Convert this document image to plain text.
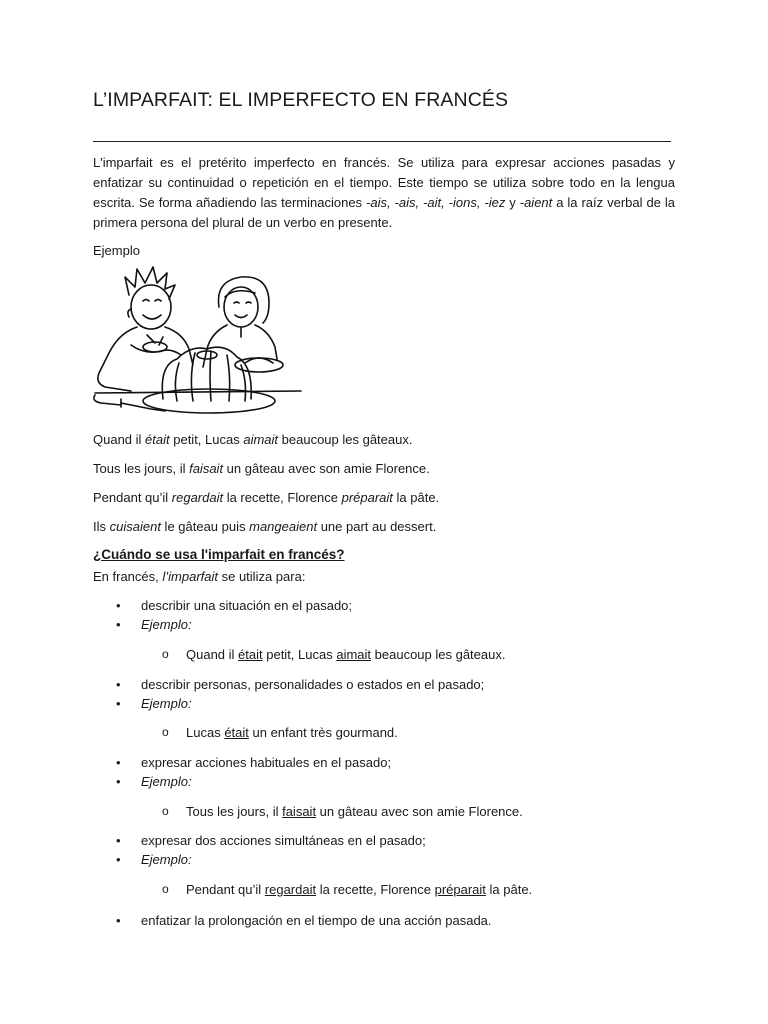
L’IMPARFAIT: EL IMPERFECTO EN FRANCÉS

L'imparfait es el pretérito imperfecto en francés. Se utiliza para expresar acciones pasadas y enfatizar su continuidad o repetición en el tiempo. Este tiempo se utiliza sobre todo en la lengua escrita. Se forma añadiendo las terminaciones -ais, -ais, -ait, -ions, -iez y -aient a la raíz verbal de la primera persona del plural de un verbo en presente.

Ejemplo

Quand il était petit, Lucas aimait beaucoup les gâteaux.

Tous les jours, il faisait un gâteau avec son amie Florence.

Pendant qu’il regardait la recette, Florence préparait la pâte.

Ils cuisaient le gâteau puis mangeaient une part au dessert.

¿Cuándo se usa l'imparfait en francés?

En francés, l’imparfait se utiliza para:

• describir una situación en el pasado;
• Ejemplo:
o Quand il était petit, Lucas aimait beaucoup les gâteaux.
• describir personas, personalidades o estados en el pasado;
• Ejemplo:
o Lucas était un enfant très gourmand.
• expresar acciones habituales en el pasado;
• Ejemplo:
o Tous les jours, il faisait un gâteau avec son amie Florence.
• expresar dos acciones simultáneas en el pasado;
• Ejemplo:
o Pendant qu’il regardait la recette, Florence préparait la pâte.
• enfatizar la prolongación en el tiempo de una acción pasada.
